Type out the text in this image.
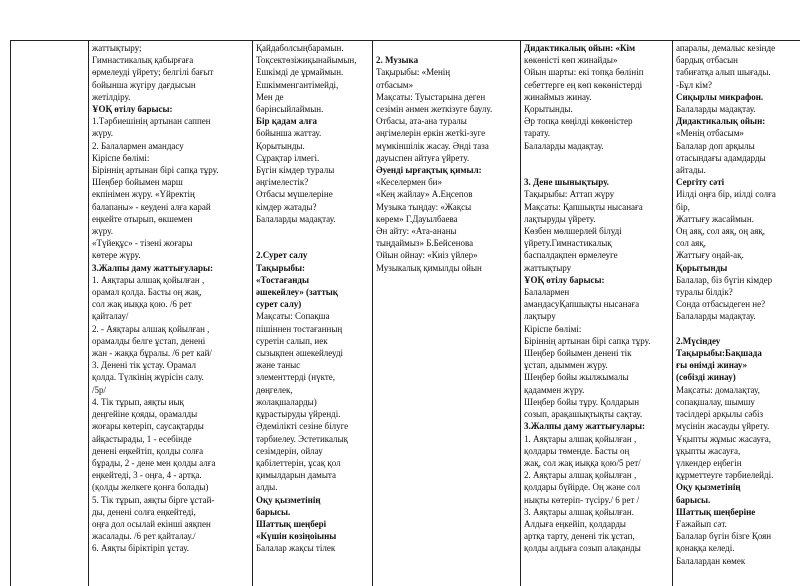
жаттықтыру;

Гимнастикалық қабырғаға

өрмелеуді үйрету; белгілі бағыт

бойынша жүгіру дағдысын

жетілдіру.

ҰОҚ өтілу барысы:

1.Тәрбиешінің артынан саппен

жүру.

2. Балалармен амандасу

Кіріспе бөлімі:

Біріннің артынан бірі сапқа тұру.

Шеңбер бойымен марш

екпінімен жүру. «Үйректің

балапаны» - кеудені алға карай

еңкейте отырып, өкшемен

жүру.

«Түйеқұс» - тізені жоғары

көтере жүру.

3.Жалпы даму жаттығулары:

1. Аяқтары алшақ қойылған ,

орамал қолда. Басты оң жақ,

сол жақ иыққа қою. /6 рет

қайталау/

2. - Аяқтары алшақ қойылған ,

орамалды белге ұстап, денені

жан - жаққа бұралы. /6 рет кай/

3. Денені тік ұстау. Орамал

қолда. Түлкінің жүрісін салу.

/5р/

4. Тік тұрып, аяқты иық

деңгейіне қояды, орамалды

жоғары көтеріп, саусақтарды

айқастырады, 1 - есебінде

денені еңкейтіп, қолды солға

бұрады, 2 - дене мен қолды алға

еңкейтеді, 3 - оңға, 4 - артқа.

(қолды желкеге қонға болады)

5. Тік тұрып, аяқты бірге ұстай-

ды, денені солға еңкейтеді,

оңға дол осылай екінші аяқпен

жасалады. /6 рет қайталау./

6. Аяқты біріктіріп ұстау.

Қайдаболсыңбарамын.

Тоқсектөзіжиқынайымын,

Ешкімді де ұрмаймын.

Ешкімменгантімейді,

Мен де

бәрінсыйлаймын.

Бір қадам алға

бойынша жаттау.

Қорытынды.

Сұрақтар ілмегі.

Бүгін кімдер туралы

әңгімелестік?

Отбасы мүшелеріне

кімдер жатады?

Балаларды мадақтау.

2.Сурет салу

Тақырыбы:

«Тостағанды

әшекейлеу» (заттық

сурет салу)

Мақсаты: Сопақша

пішіннен тостағанның

суретін салып, иек

сызықпен әшекейлеуді

және таныс

элементтерді (нүкте,

дөңгелек,

жолақшаларды)

құрастыруды үйренді.

Әдемілікті сезіне білуге

тәрбиелеу. Эстетикалық

сезімдерін, ойлау

қабілеттерін, ұсақ қол

қимылдарын дамыта

алды.

Оқу қызметінің

барысы.

Шаттық шеңбері

«Күшін көзіңоіыны

Балалар жақсы тілек

2. Музыка

Тақырыбы: «Менің

отбасым»

Мақсаты: Туыстарына деген

сезімін әнмен жеткізуге баулу.

Отбасы, ата-ана туралы

әңгімелерін еркін жетki-зуге

мүмкіншілік жасау. Әнді таза

дауыспен айтуға үйрету.

Әуенді ырғақтық қимыл:

«Кеселермен би»

«Кең жайлау» А.Еңсепов

Музыка тыңдау: «Жақсы

көрем» Г.Дауылбаева

Ән айту: «Ата-ананы

тыңдаймыз» Б.Бейсенова

Ойын ойнау: «Киіз үйлер»

Музыкалық қимылды ойын

Дидактикалық ойын: «Кім

көкөністі көп жинайды»

Ойын шарты: екі топқа бөлініп

себеттерге ең көп көкөністерді

жинаймыз жинау.

Қорытынды.

Әр топқа көңілді көкөністер

тарату.

Балаларды мадақтау.

3. Дене шынықтыру.

Тақырыбы: Аттап жүру

Мақсаты: Қапшықты нысанаға

лақтыруды үйрету.

Көзбен мөлшерлей білуді

үйрету.Гимнастикалық

баспалдақпен өрмелеуге

жаттықтыру

ҰОҚ өтілу барысы:

Балалармен

амандасуҚапшықты нысанаға

лақтыру

Кіріспе бөлімі:

Біріннің артынан бірі сапқа тұру.

Шеңбер бойымен денені тік

ұстап, адыммен жүру.

Шеңбер бойы жылжымалы

қадаммен жүру.

Шеңбер бойы тұру. Қолдарын

созып, арақашықтықты сақтау.

3.Жалпы даму жаттығулары:

1. Аяқтары алшақ қойылған ,

қолдары төменде. Басты оң

жақ, сол жақ иыққа қою/5 рет/

2. Аяқтары алшақ қойылған ,

қолдары бүйірде. Оң және сол

нықты көтеріп- түсіру./ 6 рет /

3. Аяқтары алшақ қойылған.

Алдыға еңкейіп, қолдарды

артқа тарту, денені тік ұстап,

қолды алдыға созып алақанды

апаралы, демалыс кезінде

бардық отбасын

табиғатқа алып шығады.

-Бұл кім?

Сиқырлы микрафон.

Балаларды мадақтау.

Дидактикалық ойын:

«Менің отбасым»

Балалар доп арқылы

отасындағы адамдарды

айтады.

Сергіту сәті

Иілді оңға бір, иілді солға

бір,

Жаттығу жасаймын.

Оң аяқ, сол аяқ, оң аяқ,

сол аяқ,

Жаттығу оңай-ақ.

Қорытынды

Балалар, біз бүгін кімдер

туралы білдік?

Сонда отбасыдеген не?

Балаларды мадақтау.

2.Мүсіндеу

Тақырыбы:Бақшада

ғы өнімді жинау»

(сөбізді жинау)

Мақсаты: домалақтау,

сопақшалау, шымшу

тәсілдері арқылы сәбіз

мүсінін жасауды үйрету.

Ұқыпты жұмыс жасауға,

ұқыпты жасауға,

үлкендер еңбегін

құрметтеуге тәрбиелейді.

Оқу қызметінің

барысы.

Шаттық шеңберіне

Ғажайып сәт.

Балалар бүгін бізге Қоян

қонаққа келеді.

Балалардан көмек
